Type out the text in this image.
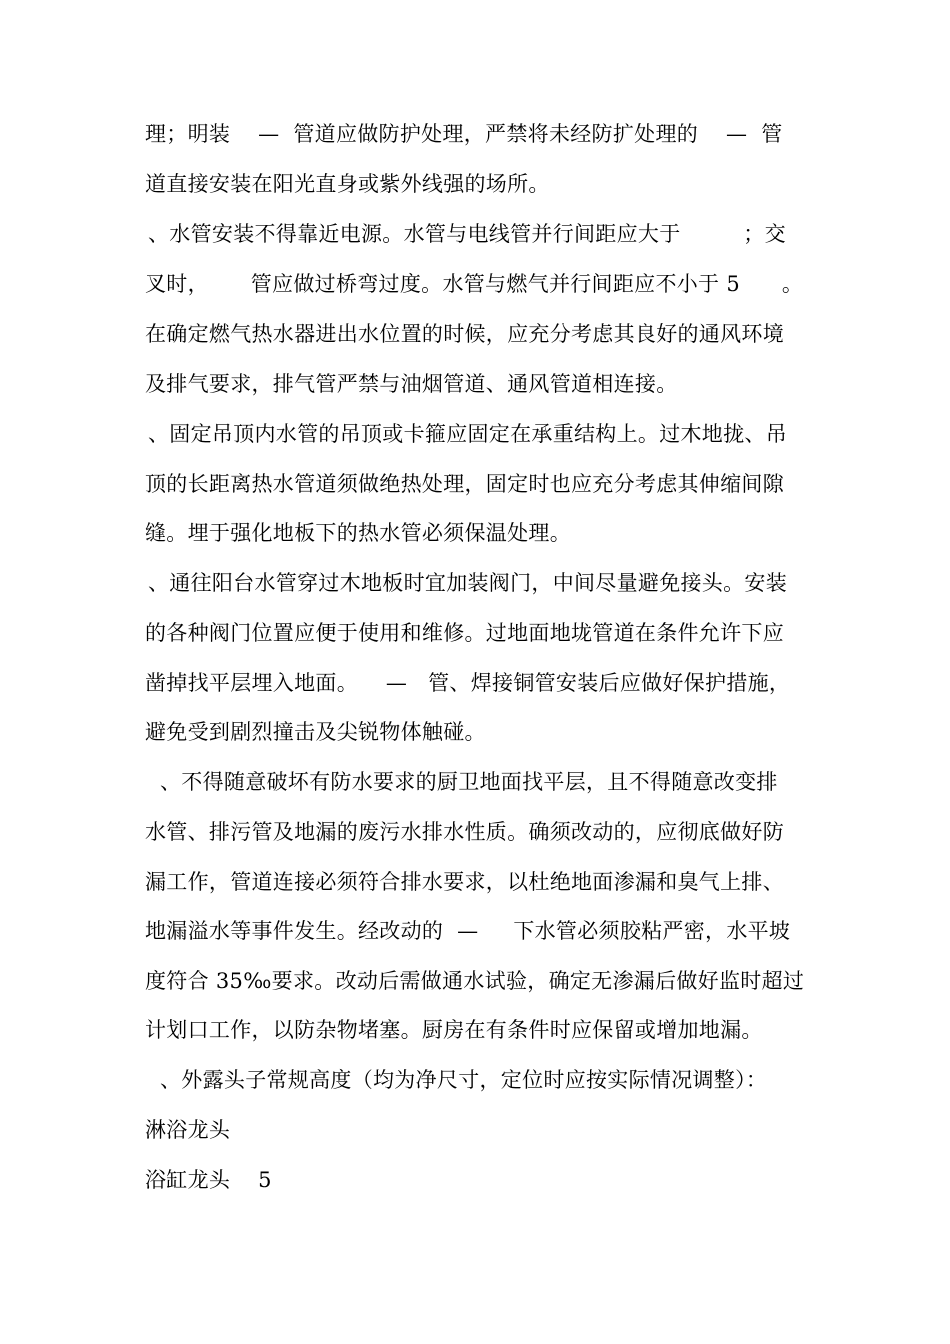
理；明装    —  管道应做防护处理，严禁将未经防扩处理的    —  管
道直接安装在阳光直身或紫外线强的场所。
、水管安装不得靠近电源。水管与电线管并行间距应大于         ；交
叉时，      管应做过桥弯过度。水管与燃气并行间距应不小于 5      。
在确定燃气热水器进出水位置的时候，应充分考虑其良好的通风环境
及排气要求，排气管严禁与油烟管道、通风管道相连接。
、固定吊顶内水管的吊顶或卡箍应固定在承重结构上。过木地拢、吊
顶的长距离热水管道须做绝热处理，固定时也应充分考虑其伸缩间隙
缝。埋于强化地板下的热水管必须保温处理。
、通往阳台水管穿过木地板时宜加装阀门，中间尽量避免接头。安装
的各种阀门位置应便于使用和维修。过地面地垅管道在条件允许下应
凿掉找平层埋入地面。    —   管、焊接铜管安装后应做好保护措施，
避免受到剧烈撞击及尖锐物体触碰。
、不得随意破坏有防水要求的厨卫地面找平层，且不得随意改变排
水管、排污管及地漏的废污水排水性质。确须改动的，应彻底做好防
漏工作，管道连接必须符合排水要求，以杜绝地面渗漏和臭气上排、
地漏溢水等事件发生。经改动的  —     下水管必须胶粘严密，水平坡
度符合 35‰要求。改动后需做通水试验，确定无渗漏后做好监时超过
计划口工作，以防杂物堵塞。厨房在有条件时应保留或增加地漏。
、外露头子常规高度（均为净尺寸，定位时应按实际情况调整）：
淋浴龙头
浴缸龙头    5
